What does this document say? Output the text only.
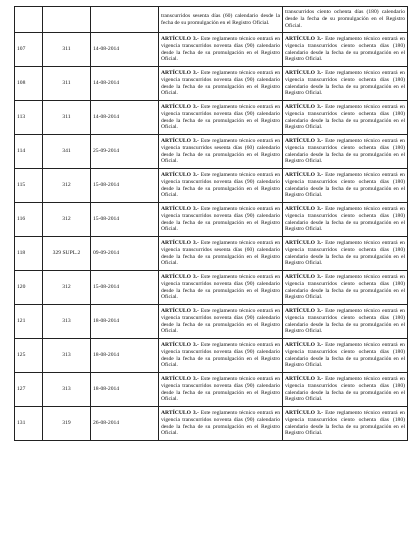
			transcurridos sesenta días (60) calendario desde la fecha de su promulgación en el Registro Oficial.	transcurridos ciento ochenta días (180) calendario desde la fecha de su promulgación en el Registro Oficial.
107	311	14-08-2014	ARTÍCULO 3.- Este reglamento técnico entrará en vigencia transcurridos noventa días (90) calendario desde la fecha de su promulgación en el Registro Oficial.	ARTÍCULO 3.- Este reglamento técnico entrará en vigencia transcurridos ciento ochenta días (180) calendario desde la fecha de su promulgación en el Registro Oficial.
108	311	14-08-2014	ARTÍCULO 3.- Este reglamento técnico entrará en vigencia transcurridos noventa días (90) calendario desde la fecha de su promulgación en el Registro Oficial.	ARTÍCULO 3.- Este reglamento técnico entrará en vigencia transcurridos ciento ochenta días (180) calendario desde la fecha de su promulgación en el Registro Oficial.
113	311	14-08-2014	ARTÍCULO 3.- Este reglamento técnico entrará en vigencia transcurridos noventa días (90) calendario desde la fecha de su promulgación en el Registro Oficial.	ARTÍCULO 3.- Este reglamento técnico entrará en vigencia transcurridos ciento ochenta días (180) calendario desde la fecha de su promulgación en el Registro Oficial.
114	341	25-09-2014	ARTÍCULO 3.- Este reglamento técnico entrará en vigencia transcurridos sesenta días (60) calendario desde la fecha de su promulgación en el Registro Oficial.	ARTÍCULO 3.- Este reglamento técnico entrará en vigencia transcurridos ciento ochenta días (180) calendario desde la fecha de su promulgación en el Registro Oficial.
115	312	15-08-2014	ARTÍCULO 3.- Este reglamento técnico entrará en vigencia transcurridos noventa días (90) calendario desde la fecha de su promulgación en el Registro Oficial.	ARTÍCULO 3.- Este reglamento técnico entrará en vigencia transcurridos ciento ochenta días (180) calendario desde la fecha de su promulgación en el Registro Oficial.
116	312	15-08-2014	ARTÍCULO 3.- Este reglamento técnico entrará en vigencia transcurridos noventa días (90) calendario desde la fecha de su promulgación en el Registro Oficial.	ARTÍCULO 3.- Este reglamento técnico entrará en vigencia transcurridos ciento ochenta días (180) calendario desde la fecha de su promulgación en el Registro Oficial.
118	329 SUPL.2	09-09-2014	ARTÍCULO 3.- Este reglamento técnico entrará en vigencia transcurridos sesenta días (60) calendario desde la fecha de su promulgación en el Registro Oficial.	ARTÍCULO 3.- Este reglamento técnico entrará en vigencia transcurridos ciento ochenta días (180) calendario desde la fecha de su promulgación en el Registro Oficial.
120	312	15-08-2014	ARTÍCULO 3.- Este reglamento técnico entrará en vigencia transcurridos noventa días (90) calendario desde la fecha de su promulgación en el Registro Oficial.	ARTÍCULO 3.- Este reglamento técnico entrará en vigencia transcurridos ciento ochenta días (180) calendario desde la fecha de su promulgación en el Registro Oficial.
121	313	18-08-2014	ARTÍCULO 3.- Este reglamento técnico entrará en vigencia transcurridos noventa días (90) calendario desde la fecha de su promulgación en el Registro Oficial.	ARTÍCULO 3.- Este reglamento técnico entrará en vigencia transcurridos ciento ochenta días (180) calendario desde la fecha de su promulgación en el Registro Oficial.
125	313	18-08-2014	ARTÍCULO 3.- Este reglamento técnico entrará en vigencia transcurridos noventa días (90) calendario desde la fecha de su promulgación en el Registro Oficial.	ARTÍCULO 3.- Este reglamento técnico entrará en vigencia transcurridos ciento ochenta días (180) calendario desde la fecha de su promulgación en el Registro Oficial.
127	313	18-08-2014	ARTÍCULO 3.- Este reglamento técnico entrará en vigencia transcurridos noventa días (90) calendario desde la fecha de su promulgación en el Registro Oficial.	ARTÍCULO 3.- Este reglamento técnico entrará en vigencia transcurridos ciento ochenta días (180) calendario desde la fecha de su promulgación en el Registro Oficial.
131	319	26-08-2014	ARTÍCULO 3.- Este reglamento técnico entrará en vigencia transcurridos noventa días (90) calendario desde la fecha de su promulgación en el Registro Oficial.	ARTÍCULO 3.- Este reglamento técnico entrará en vigencia transcurridos ciento ochenta días (180) calendario desde la fecha de su promulgación en el Registro Oficial.
